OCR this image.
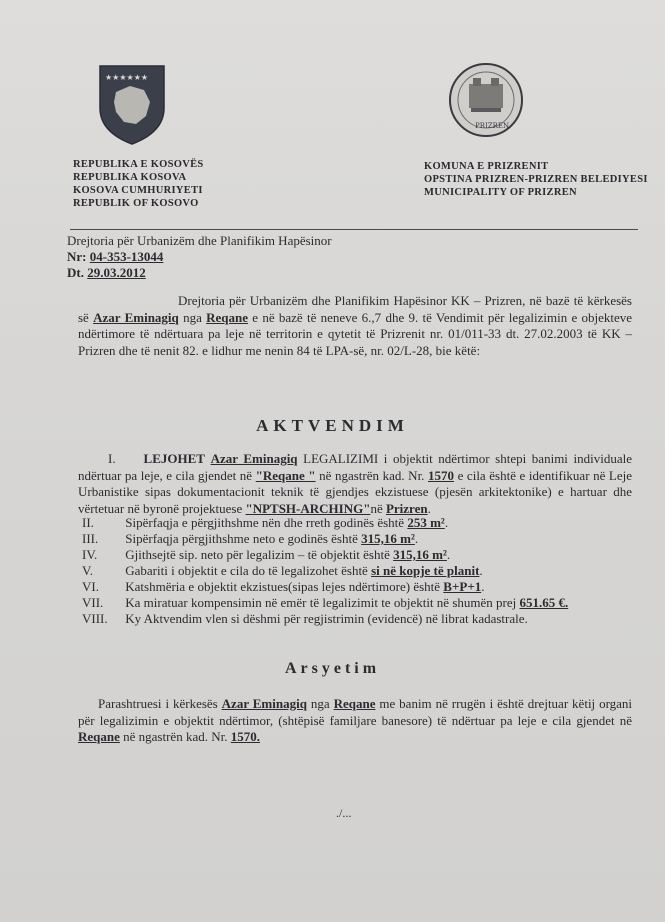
★★★★★★
PRIZREN
REPUBLIKA E KOSOVËS
REPUBLIKA KOSOVA
KOSOVA CUMHURIYETI
REPUBLIK OF KOSOVO
KOMUNA E PRIZRENIT
OPSTINA PRIZREN-PRIZREN BELEDIYESI
MUNICIPALITY OF PRIZREN
Drejtoria për Urbanizëm dhe Planifikim Hapësinor
Nr: 04-353-13044
Dt. 29.03.2012
Drejtoria për Urbanizëm dhe Planifikim Hapësinor KK – Prizren, në bazë të kërkesës së Azar Eminagiq nga Reqane e në bazë të neneve 6.,7 dhe 9. të Vendimit për legalizimin e objekteve ndërtimore të ndërtuara pa leje në territorin e qytetit të Prizrenit nr. 01/011-33 dt. 27.02.2003 të KK – Prizren dhe të nenit 82. e lidhur me nenin 84 të LPA-së, nr. 02/L-28, bie këtë:
AKTVENDIM
I. LEJOHET Azar Eminagiq LEGALIZIMI i objektit ndërtimor shtepi banimi individuale ndërtuar pa leje, e cila gjendet në "Reqane " në ngastrën kad. Nr. 1570 e cila është e identifikuar në Leje Urbanistike sipas dokumentacionit teknik të gjendjes ekzistuese (pjesën arkitektonike) e hartuar dhe vërtetuar në byronë projektuese "NPTSH-ARCHING"në Prizren.
II. Sipërfaqja e përgjithshme nën dhe rreth godinës është 253 m².
III. Sipërfaqja përgjithshme neto e godinës është 315,16 m².
IV. Gjithsejtë sip. neto për legalizim – të objektit është 315,16 m².
V. Gabariti i objektit e cila do të legalizohet është si në kopje të planit.
VI. Katshmëria e objektit ekzistues(sipas lejes ndërtimore) është B+P+1.
VII. Ka miratuar kompensimin në emër të legalizimit te objektit në shumën prej 651.65 €.
VIII. Ky Aktvendim vlen si dëshmi për regjistrimin (evidencë) në librat kadastrale.
Arsyetim
Parashtruesi i kërkesës Azar Eminagiq nga Reqane me banim në rrugën i është drejtuar këtij organi për legalizimin e objektit ndërtimor, (shtëpisë familjare banesore) të ndërtuar pa leje e cila gjendet në Reqane në ngastrën kad. Nr. 1570.
./...
